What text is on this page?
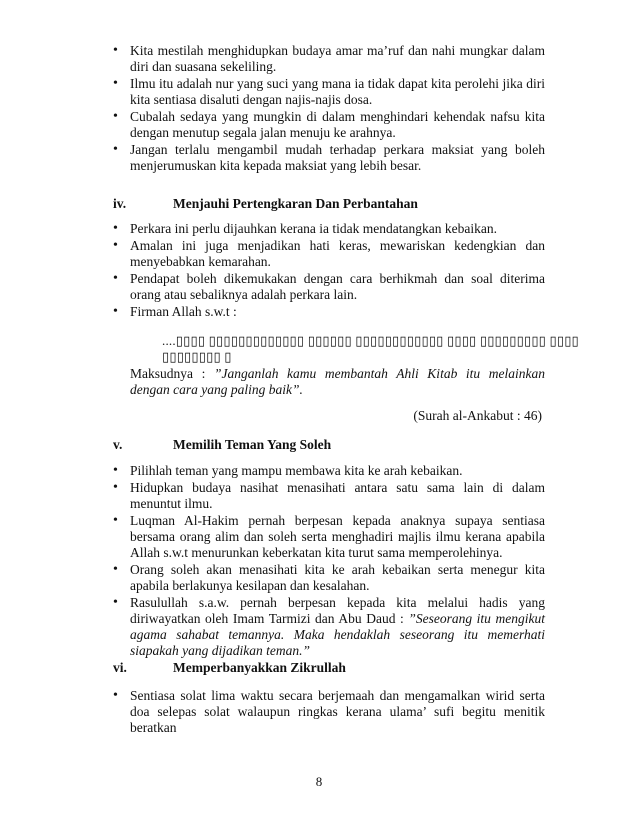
• Kita mestilah menghidupkan budaya amar ma’ruf dan nahi mungkar dalam diri dan suasana sekeliling.
• Ilmu itu adalah nur yang suci yang mana ia tidak dapat kita perolehi jika diri kita sentiasa disaluti dengan najis-najis dosa.
• Cubalah sedaya yang mungkin di dalam menghindari kehendak nafsu kita dengan menutup segala jalan menuju ke arahnya.
• Jangan terlalu mengambil mudah terhadap perkara maksiat yang boleh menjerumuskan kita kepada maksiat yang lebih besar.
iv.	Menjauhi Pertengkaran Dan Perbantahan
• Perkara ini perlu dijauhkan kerana ia tidak mendatangkan kebaikan.
• Amalan ini juga menjadikan hati keras, mewariskan kedengkian dan menyebabkan kemarahan.
• Pendapat boleh dikemukakan dengan cara berhikmah dan soal diterima orang atau sebaliknya adalah perkara lain.
• Firman Allah s.w.t :
....▯▯▯▯ ▯▯▯▯▯▯▯▯▯▯▯▯▯ ▯▯▯▯▯▯ ▯▯▯▯▯▯▯▯▯▯▯▯ ▯▯▯▯ ▯▯▯▯▯▯▯▯▯ ▯▯▯▯ ▯▯▯▯▯▯▯▯ ▯
Maksudnya : ”Janganlah kamu membantah Ahli Kitab itu melainkan dengan cara yang paling baik”.
(Surah al-Ankabut : 46)
v.	Memilih Teman Yang Soleh
• Pilihlah teman yang mampu membawa kita ke arah kebaikan.
• Hidupkan budaya nasihat menasihati antara satu sama lain di dalam menuntut ilmu.
• Luqman Al-Hakim pernah berpesan kepada anaknya supaya sentiasa bersama orang alim dan soleh serta menghadiri majlis ilmu kerana apabila Allah s.w.t menurunkan keberkatan kita turut sama memperolehinya.
• Orang soleh akan menasihati kita ke arah kebaikan serta menegur kita apabila berlakunya kesilapan dan kesalahan.
• Rasulullah s.a.w. pernah berpesan kepada kita melalui hadis yang diriwayatkan oleh Imam Tarmizi dan Abu Daud : ”Seseorang itu mengikut agama sahabat temannya. Maka hendaklah seseorang itu memerhati siapakah yang dijadikan teman.”
vi.	Memperbanyakkan Zikrullah
• Sentiasa solat lima waktu secara berjemaah dan mengamalkan wirid serta doa selepas solat walaupun ringkas kerana ulama’ sufi begitu menitik beratkan
8
